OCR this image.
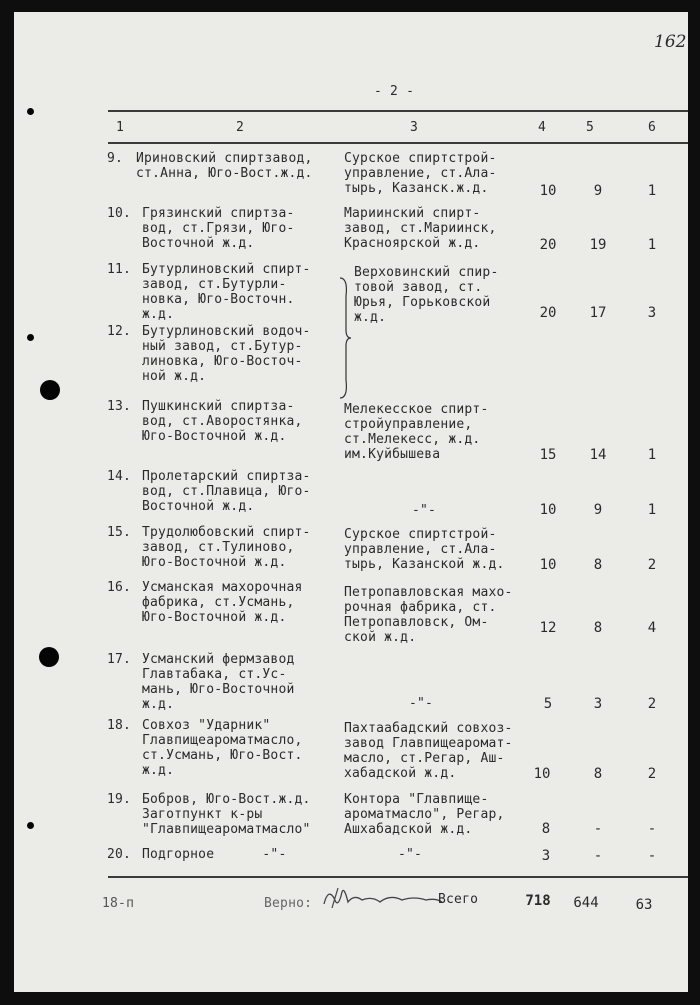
162
- 2 -
1	2	3	4	5	6
9. Ириновский спиртзавод,
ст.Анна, Юго-Вост.ж.д.
Сурское спиртстрой-
управление, ст.Ала-
тырь, Казанск.ж.д.	10	9	1
10. Грязинский спиртза-
вод, ст.Грязи, Юго-
Восточной ж.д.
Мариинский спирт-
завод, ст.Мариинск,
Красноярской ж.д.	20	19	1
11. Бутурлиновский спирт-
завод, ст.Бутурли-
новка, Юго-Восточн.
ж.д.
12. Бутурлиновский водоч-
ный завод, ст.Бутур-
линовка, Юго-Восточ-
ной ж.д.
Верховинский спир-
товой завод, ст.
Юрья, Горьковской
ж.д.	20	17	3
13. Пушкинский спиртза-
вод, ст.Аворостянка,
Юго-Восточной ж.д.
Мелекесское спирт-
стройуправление,
ст.Мелекесс, ж.д.
им.Куйбышева	15	14	1
14. Пролетарский спиртза-
вод, ст.Плавица, Юго-
Восточной ж.д.	-"-	10	9	1
15. Трудолюбовский спирт-
завод, ст.Тулиново,
Юго-Восточной ж.д.
Сурское спиртстрой-
управление, ст.Ала-
тырь, Казанской ж.д.	10	8	2
16. Усманская махорочная
фабрика, ст.Усмань,
Юго-Восточной ж.д.
Петропавловская махо-
рочная фабрика, ст.
Петропавловск, Ом-
ской ж.д.
12	8	4
17. Усманский фермзавод
Главтабака, ст.Ус-
мань, Юго-Восточной
ж.д.	-"-	5	3	2
18. Совхоз "Ударник"
Главпищеароматмасло,
ст.Усмань, Юго-Вост.
ж.д.
Пахтаабадский совхоз-
завод Главпищеаромат-
масло, ст.Регар, Аш-
хабадской ж.д.	10	8	2
19. Бобров, Юго-Вост.ж.д.
Заготпункт к-ры
"Главпищеароматмасло"
Контора "Главпище-
ароматмасло", Регар,
Ашхабадской ж.д.	8	-	-
20. Подгорное      -"-	-"-	3	-	-
18-п	Верно:	Всего	718	644	63
